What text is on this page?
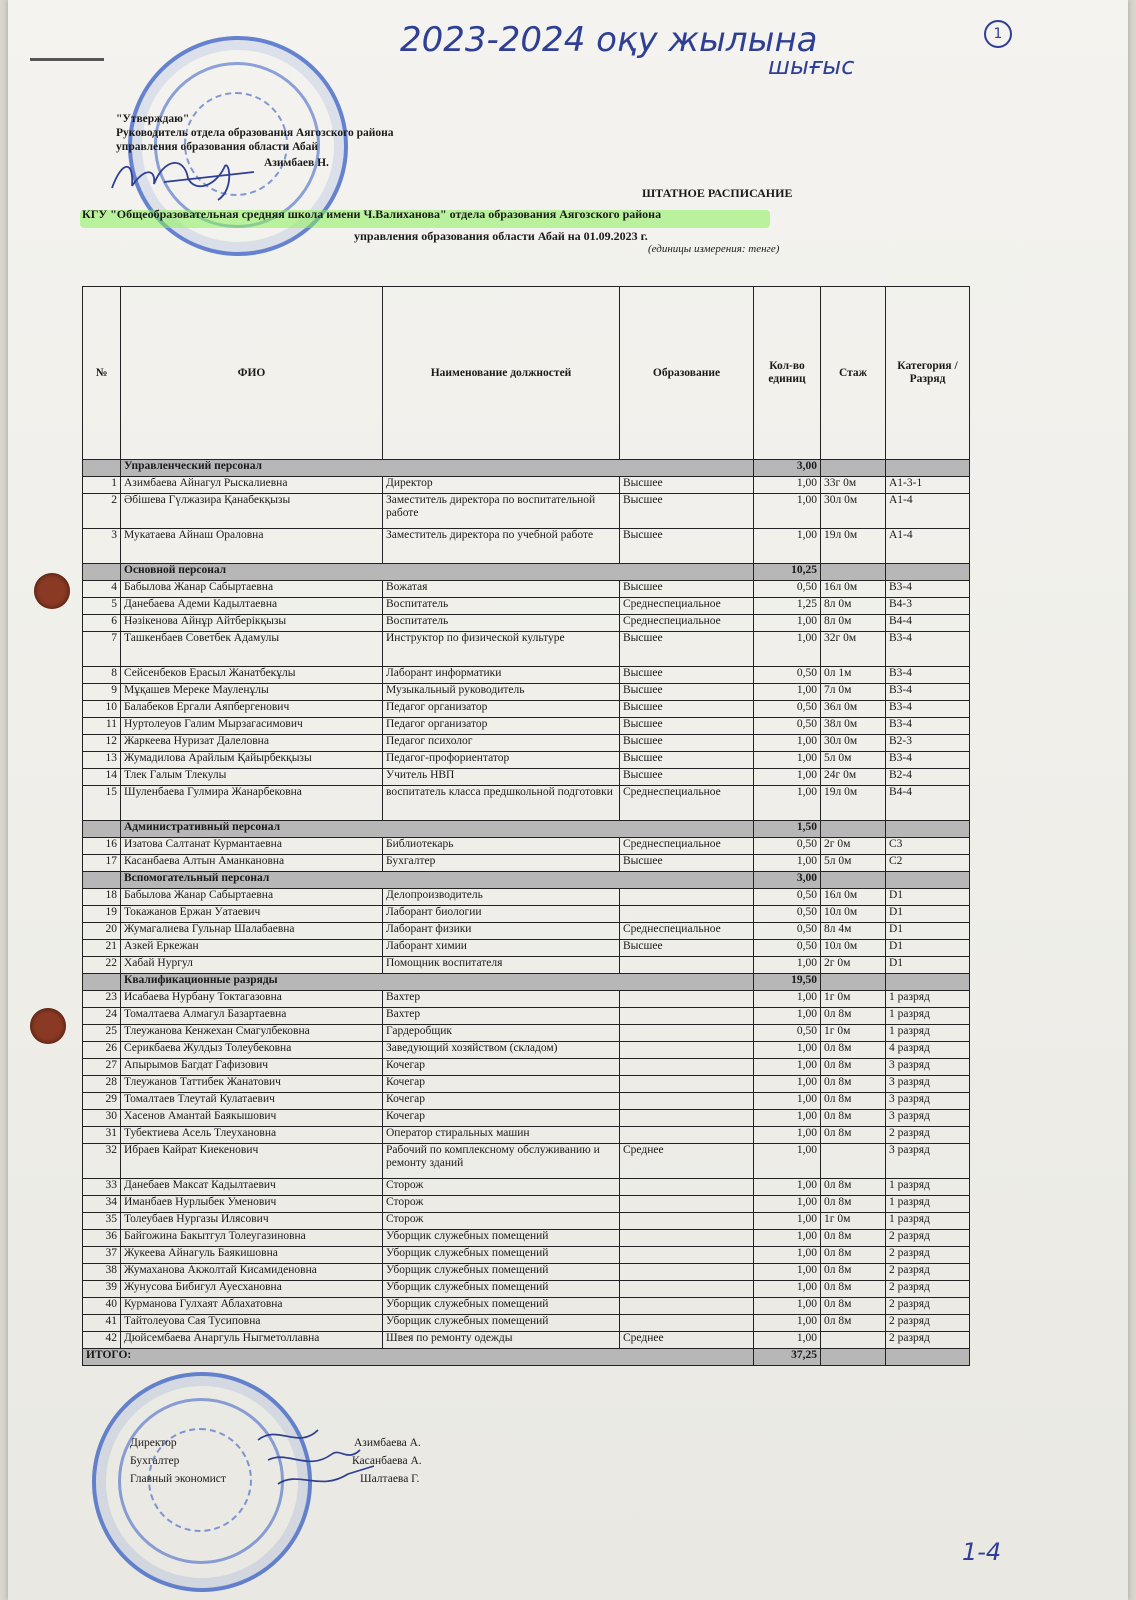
2023-2024 оқу жылына
шығыс
1
"Утверждаю"
Руководитель отдела образования Аягозского района
управления образования области Абай
Азимбаев Н.
ШТАТНОЕ РАСПИСАНИЕ
КГУ "Общеобразовательная средняя школа имени Ч.Валиханова" отдела образования Аягозского района
управления образования области Абай на 01.09.2023 г.
(единицы измерения: тенге)
№	ФИО	Наименование должностей	Образование	Кол-во единиц	Стаж	Категория / Разряд
	Управленческий персонал			3,00		
1	Азимбаева Айнагул Рыскалиевна	Директор	Высшее	1,00	33г 0м	A1-3-1
2	Әбішева Гүлжазира Қанабекқызы	Заместитель директора по воспитательной работе	Высшее	1,00	30л 0м	A1-4
3	Мукатаева Айнаш Ораловна	Заместитель директора по учебной работе	Высшее	1,00	19л 0м	A1-4
	Основной персонал			10,25		
4	Бабылова Жанар Сабыртаевна	Вожатая	Высшее	0,50	16л 0м	B3-4
5	Данебаева Адеми Кадылтаевна	Воспитатель	Среднеспециальное	1,25	8л 0м	B4-3
6	Нәзікенова Айнұр Айтберікқызы	Воспитатель	Среднеспециальное	1,00	8л 0м	B4-4
7	Ташкенбаев Советбек Адамулы	Инструктор по физической культуре	Высшее	1,00	32г 0м	B3-4
8	Сейсенбеков Ерасыл Жанатбекұлы	Лаборант информатики	Высшее	0,50	0л 1м	B3-4
9	Мұқашев Мерекe Мауленұлы	Музыкальный руководитель	Высшее	1,00	7л 0м	B3-4
10	Балабеков Ергали Аяпбергенович	Педагог организатор	Высшее	0,50	36л 0м	B3-4
11	Нуртолеуов Галим Мырзагасимович	Педагог организатор	Высшее	0,50	38л 0м	B3-4
12	Жаркеева Нуризат Далеловна	Педагог психолог	Высшее	1,00	30л 0м	B2-3
13	Жумадилова Арайлым Қайырбекқызы	Педагог-профориентатор	Высшее	1,00	5л 0м	B3-4
14	Тлек Галым Тлекулы	Учитель НВП	Высшее	1,00	24г 0м	B2-4
15	Шуленбаева Гулмира Жанарбековна	воспитатель класса предшкольной подготовки	Среднеспециальное	1,00	19л 0м	B4-4
	Административный персонал			1,50		
16	Изатова Салтанат Курмантаевна	Библиотекарь	Среднеспециальное	0,50	2г 0м	C3
17	Касанбаева Алтын Аманкановна	Бухгалтер	Высшее	1,00	5л 0м	C2
	Вспомогательный персонал			3,00		
18	Бабылова Жанар Сабыртаевна	Делопроизводитель		0,50	16л 0м	D1
19	Токажанов Ержан Уатаевич	Лаборант биологии		0,50	10л 0м	D1
20	Жумагалиева Гульнар Шалабаевна	Лаборант физики	Среднеспециальное	0,50	8л 4м	D1
21	Азкей Еркежан	Лаборант химии	Высшее	0,50	10л 0м	D1
22	Хабай Нургул	Помощник воспитателя		1,00	2г 0м	D1
	Квалификационные разряды			19,50		
23	Исабаева Нурбану Токтагазовна	Вахтер		1,00	1г 0м	1 разряд
24	Томалтаева Алмагул Базартаевна	Вахтер		1,00	0л 8м	1 разряд
25	Тлеужанова Кенжехан Смагулбековна	Гардеробщик		0,50	1г 0м	1 разряд
26	Серикбаева Жулдыз Толеубековна	Заведующий хозяйством (складом)		1,00	0л 8м	4 разряд
27	Апырымов Багдат Гафизович	Кочегар		1,00	0л 8м	3 разряд
28	Тлеужанов Таттибек Жанатович	Кочегар		1,00	0л 8м	3 разряд
29	Томалтаев Тлеутай Кулатаевич	Кочегар		1,00	0л 8м	3 разряд
30	Хасенов Амантай Баякышович	Кочегар		1,00	0л 8м	3 разряд
31	Тубектиева Асель Тлеухановна	Оператор стиральных машин		1,00	0л 8м	2 разряд
32	Ибраев Кайрат Киекенович	Рабочий по комплексному обслуживанию и ремонту зданий	Среднее	1,00		3 разряд
33	Данебаев Максат Кадылтаевич	Сторож		1,00	0л 8м	1 разряд
34	Иманбаев Нурлыбек Уменович	Сторож		1,00	0л 8м	1 разряд
35	Толеубаев Нургазы Илясович	Сторож		1,00	1г 0м	1 разряд
36	Байгожина Бакытгул Толеугазиновна	Уборщик служебных помещений		1,00	0л 8м	2 разряд
37	Жукеева Айнагуль Баякишовна	Уборщик служебных помещений		1,00	0л 8м	2 разряд
38	Жумаханова Акжолтай Кисамиденовна	Уборщик служебных помещений		1,00	0л 8м	2 разряд
39	Жунусова Бибигул Ауесхановна	Уборщик служебных помещений		1,00	0л 8м	2 разряд
40	Курманова Гулхаят Аблахатовна	Уборщик служебных помещений		1,00	0л 8м	2 разряд
41	Тайтолеуова Сая Тусиповна	Уборщик служебных помещений		1,00	0л 8м	2 разряд
42	Дюйсембаева Анаргуль Ныгметоллавна	Швея по ремонту одежды	Среднее	1,00		2 разряд
ИТОГО:				37,25		
Директор
Бухгалтер
Главный экономист
Азимбаева А.
Касанбаева А.
Шалтаева Г.
1-4
